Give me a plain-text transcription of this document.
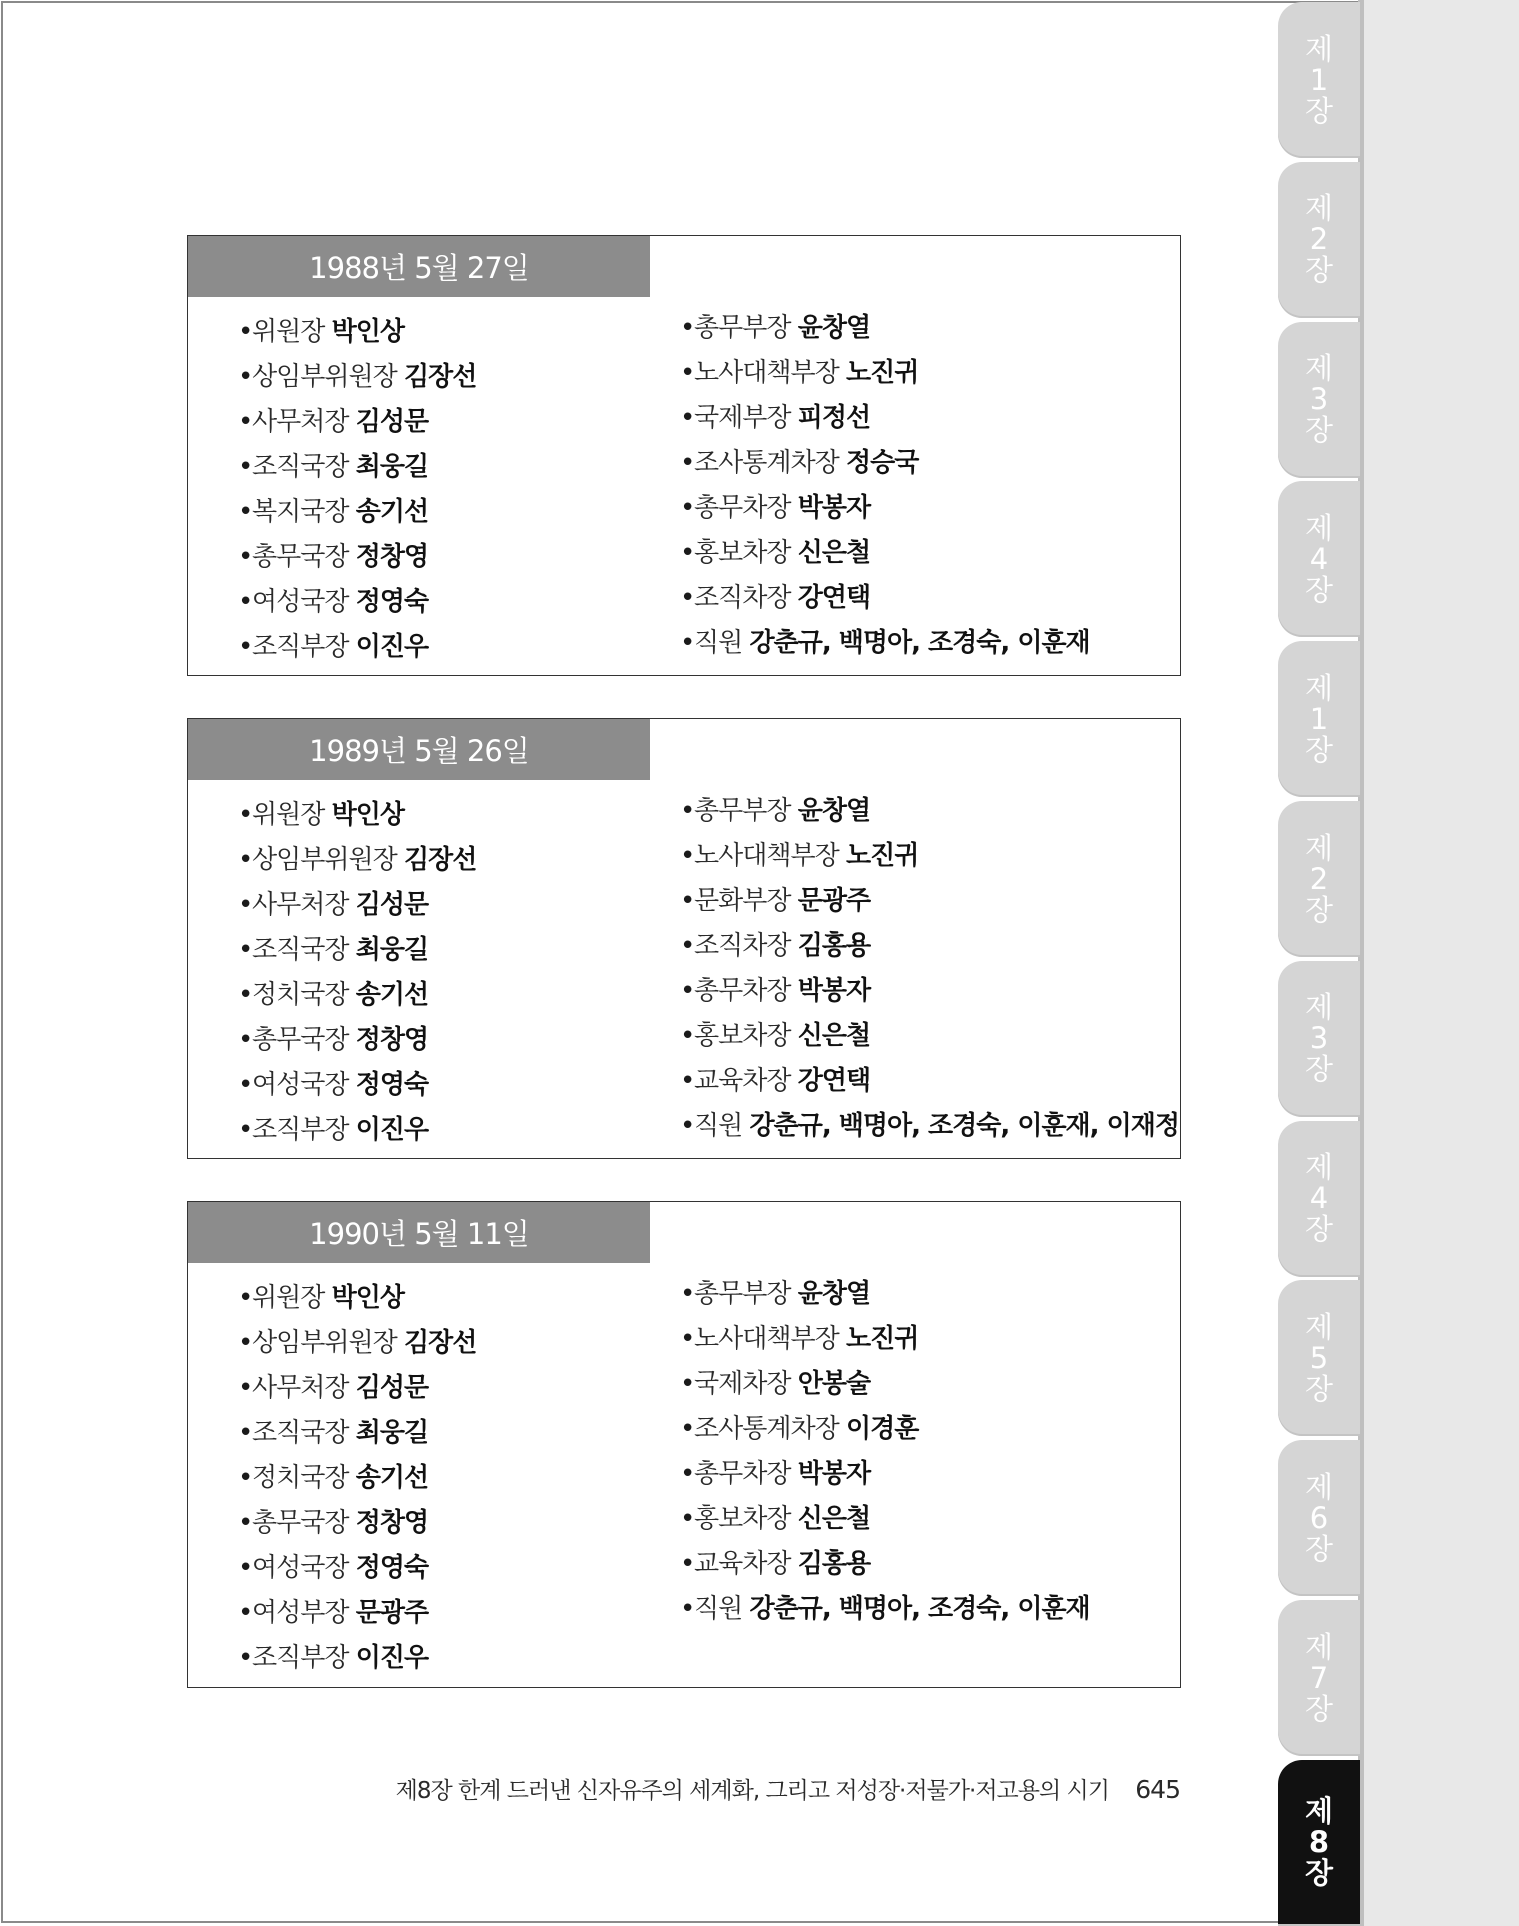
제
1
장
제
2
장
제
3
장
제
4
장
제
1
장
제
2
장
제
3
장
제
4
장
제
5
장
제
6
장
제
7
장
제
8
장
1988년 5월 27일
•위원장 박인상
•상임부위원장 김장선
•사무처장 김성문
•조직국장 최웅길
•복지국장 송기선
•총무국장 정창영
•여성국장 정영숙
•조직부장 이진우
•총무부장 윤창열
•노사대책부장 노진귀
•국제부장 피정선
•조사통계차장 정승국
•총무차장 박봉자
•홍보차장 신은철
•조직차장 강연택
•직원 강춘규, 백명아, 조경숙, 이훈재
1989년 5월 26일
•위원장 박인상
•상임부위원장 김장선
•사무처장 김성문
•조직국장 최웅길
•정치국장 송기선
•총무국장 정창영
•여성국장 정영숙
•조직부장 이진우
•총무부장 윤창열
•노사대책부장 노진귀
•문화부장 문광주
•조직차장 김홍용
•총무차장 박봉자
•홍보차장 신은철
•교육차장 강연택
•직원 강춘규, 백명아, 조경숙, 이훈재, 이재정
1990년 5월 11일
•위원장 박인상
•상임부위원장 김장선
•사무처장 김성문
•조직국장 최웅길
•정치국장 송기선
•총무국장 정창영
•여성국장 정영숙
•여성부장 문광주
•조직부장 이진우
•총무부장 윤창열
•노사대책부장 노진귀
•국제차장 안봉술
•조사통계차장 이경훈
•총무차장 박봉자
•홍보차장 신은철
•교육차장 김홍용
•직원 강춘규, 백명아, 조경숙, 이훈재
제8장 한계 드러낸 신자유주의 세계화, 그리고 저성장·저물가·저고용의 시기 645
